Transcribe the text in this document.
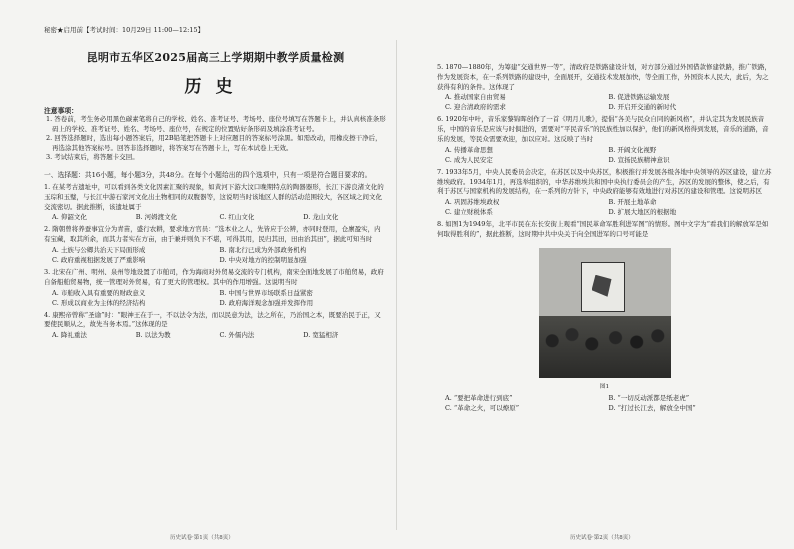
秘密★启用前【考试时间：10月29日 11:00—12:15】
昆明市五华区2025届高三上学期期中教学质量检测
历史
注意事项：
1. 答卷前，考生务必用黑色碳素笔将自己的学校、姓名、准考证号、考场号、座位号填写在答题卡上，并认真核准条形码上的学校、准考证号、姓名、考场号、座位号，在规定的位置贴好条形码及填涂准考证号。
2. 回答选择题时，选出每小题答案后，用2B铅笔把答题卡上对应题目的答案标号涂黑。如需改动，用橡皮擦干净后，再选涂其他答案标号。回答非选择题时，将答案写在答题卡上，写在本试卷上无效。
3. 考试结束后，将答题卡交回。
一、选择题：共16小题，每小题3分，共48分。在每个小题给出的四个选项中，只有一项是符合题目要求的。
1. 在某考古遗址中，可以看到各类文化因素汇聚的现象，如黄河下游大汶口晚期特点的陶器器形，长江下游良渚文化的玉琮和玉璧，与长江中游石家河文化出土物相同的双腹器等，这说明当时该地区人群的活动范围较大，各区域之间文化交流密切。据此推断，该遗址属于
A. 仰韶文化	B. 河姆渡文化	C. 红山文化	D. 龙山文化
2. 隋朝曾将养蚕事宜分为青苗，盛行农耕，要求地方官员：“选本业之人，先皆应于公辨，亦同时登用，仓廪盈实，内有宝藏，取其所余，而其力者实在方亩，由于兼并则负下不堪，可得其用，民归其田，田由治其田”，据此可知当时
A. 土族与公卿共治天下局面形成	B. 南北行已成为外部政务机构
C. 政府重视租据发展了严重影响	D. 中央对地方的控制明显加强
3. 北宋在广州、明州、泉州等地设置了市舶司，作为海商对外贸易交流的专门机构，南宋全面地发展了市舶贸易，政府自备船舶贸易物，统一管理对外贸易，有了更大的管理权。其中的作用增强。这说明当时
A. 市舶收入具有重要的财政意义	B. 中国与世界市场联系日益紧密
C. 形成以商业为主体的经济结构	D. 政府海洋观念加强并发挥作用
4. 康熙帝曾称“圣谕”时：“眼神王在于一，不以法令为法，而以民意为法，法之所在，乃治国之本，既要治民于正，又要使民顺从之，故先当务本焉。”这体现的是
A. 降礼重法	B. 以法为教	C. 外儒内法	D. 宽猛相济
5. 1870—1880年，为筹建“交通世界一等”，清政府是铁路建设计划，对方部分通过外国借款修建铁路，推广铁路，作为发展资本，在一系列铁路的建设中，全面展开，交通技术发展加快，等全面工作，外国资本人民大，此后，为之获得有利的条件。这体现了
A. 推动国家自由贸易	B. 促进铁路运输发展
C. 迎合清政府的需求	D. 开启开交通的新时代
6. 1920年中叶，音乐家黎锦晖创作了一首《明月儿歌》，提倡“各美与民众自同的新风格”，并认定其为发展民族音乐，中国的音乐是应该与时俱进的，需要对“平民音乐”的民族性加以保护，他们的新风格得到发展，音乐的道路，音乐的发展，等民众需要欢迎，加以应对。这反映了当时
A. 传播革命思想	B. 开阔文化视野
C. 成为人民安定	D. 宣扬民族精神意识
7. 1933年5月，中央人民委员会决定，在苏区以及中央苏区，积极推行并发展各级各地中央领导的苏区建设，建立苏维埃政府。1934年1月，再选举组织的，中华苏维埃共和国中央执行委员会的产生，苏区的发展的整体，使之后，有利于苏区与国家机构的发展结构，在一系列的方针下，中央政府能够有效地进行对苏区的建设和管理。这说明苏区
A. 巩固苏维埃政权	B. 开展土地革命
C. 建立财税体系	D. 扩展大地区的根据地
8. 如图1为1949年，北平市民在东长安街上观看“国民革命军胜利进军图”的情形。图中文字为“看我们的解放军是如何取得胜利的”，据此推断，这时期中共中央关于向全国进军的口号可能是
图1
A. “要把革命进行到底”	B. “一切反动派都是纸老虎”
C. “革命之火，可以燎原”	D. “打过长江去，解放全中国”
历史试卷·第1页（共8页）	历史试卷·第2页（共8页）
